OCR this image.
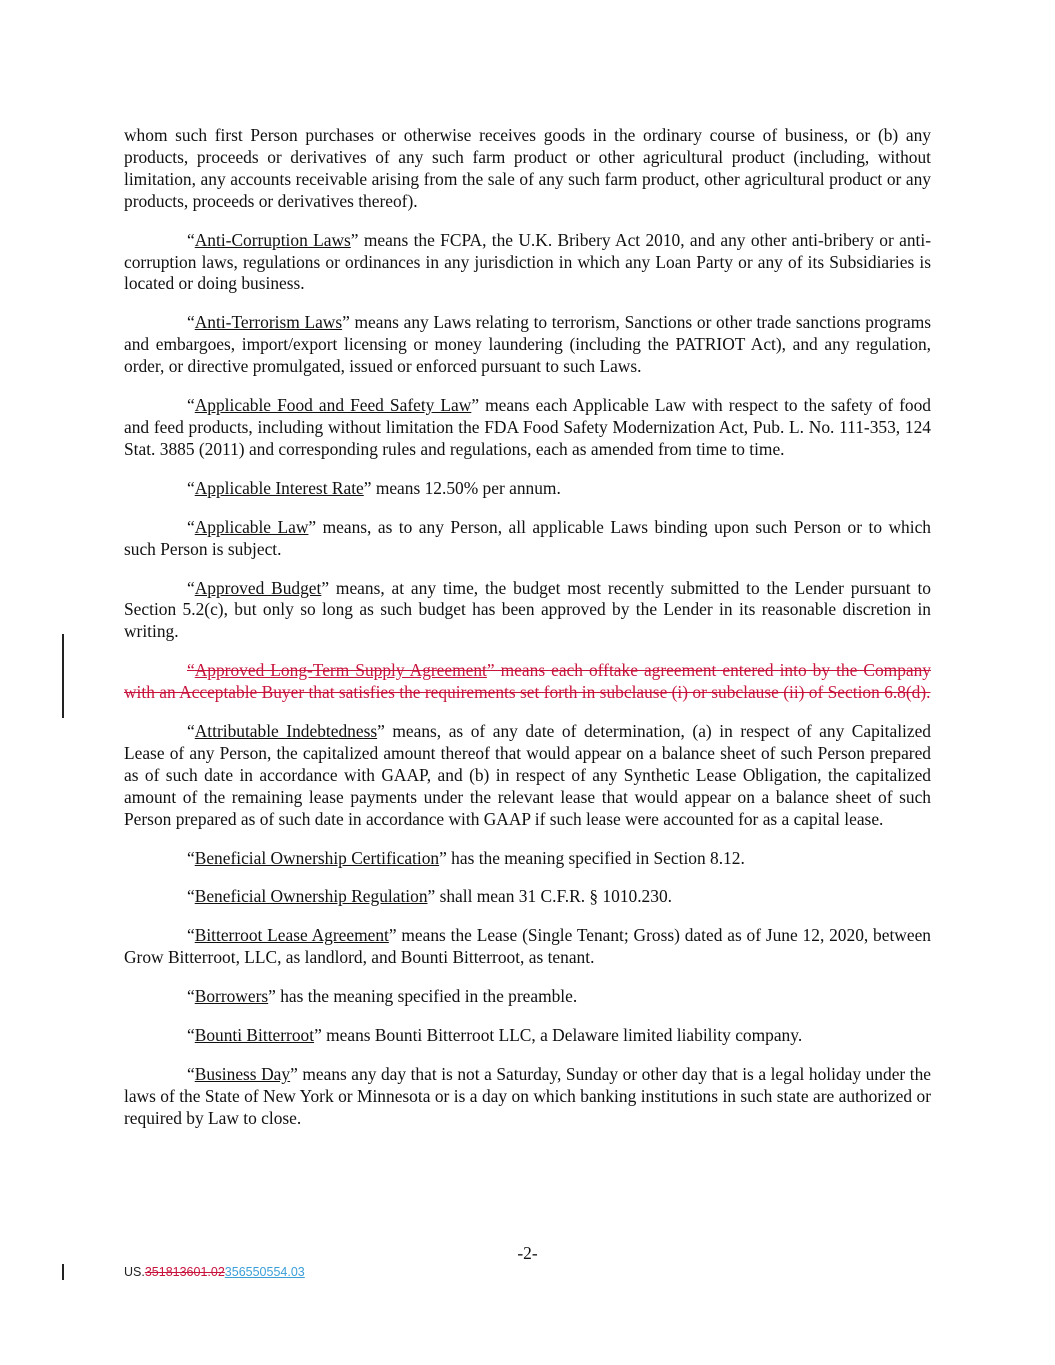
whom such first Person purchases or otherwise receives goods in the ordinary course of business, or (b) any products, proceeds or derivatives of any such farm product or other agricultural product (including, without limitation, any accounts receivable arising from the sale of any such farm product, other agricultural product or any products, proceeds or derivatives thereof).

“Anti-Corruption Laws” means the FCPA, the U.K. Bribery Act 2010, and any other anti-bribery or anti-corruption laws, regulations or ordinances in any jurisdiction in which any Loan Party or any of its Subsidiaries is located or doing business.

“Anti-Terrorism Laws” means any Laws relating to terrorism, Sanctions or other trade sanctions programs and embargoes, import/export licensing or money laundering (including the PATRIOT Act), and any regulation, order, or directive promulgated, issued or enforced pursuant to such Laws.

“Applicable Food and Feed Safety Law” means each Applicable Law with respect to the safety of food and feed products, including without limitation the FDA Food Safety Modernization Act, Pub. L. No. 111-353, 124 Stat. 3885 (2011) and corresponding rules and regulations, each as amended from time to time.

“Applicable Interest Rate” means 12.50% per annum.

“Applicable Law” means, as to any Person, all applicable Laws binding upon such Person or to which such Person is subject.

“Approved Budget” means, at any time, the budget most recently submitted to the Lender pursuant to Section 5.2(c), but only so long as such budget has been approved by the Lender in its reasonable discretion in writing.

“Approved Long-Term Supply Agreement” means each offtake agreement entered into by the Company with an Acceptable Buyer that satisfies the requirements set forth in subclause (i) or subclause (ii) of Section 6.8(d).

“Attributable Indebtedness” means, as of any date of determination, (a) in respect of any Capitalized Lease of any Person, the capitalized amount thereof that would appear on a balance sheet of such Person prepared as of such date in accordance with GAAP, and (b) in respect of any Synthetic Lease Obligation, the capitalized amount of the remaining lease payments under the relevant lease that would appear on a balance sheet of such Person prepared as of such date in accordance with GAAP if such lease were accounted for as a capital lease.

“Beneficial Ownership Certification” has the meaning specified in Section 8.12.

“Beneficial Ownership Regulation” shall mean 31 C.F.R. § 1010.230.

“Bitterroot Lease Agreement” means the Lease (Single Tenant; Gross) dated as of June 12, 2020, between Grow Bitterroot, LLC, as landlord, and Bounti Bitterroot, as tenant.

“Borrowers” has the meaning specified in the preamble.

“Bounti Bitterroot” means Bounti Bitterroot LLC, a Delaware limited liability company.

“Business Day” means any day that is not a Saturday, Sunday or other day that is a legal holiday under the laws of the State of New York or Minnesota or is a day on which banking institutions in such state are authorized or required by Law to close.

-2-
US.351813601.02356550554.03
